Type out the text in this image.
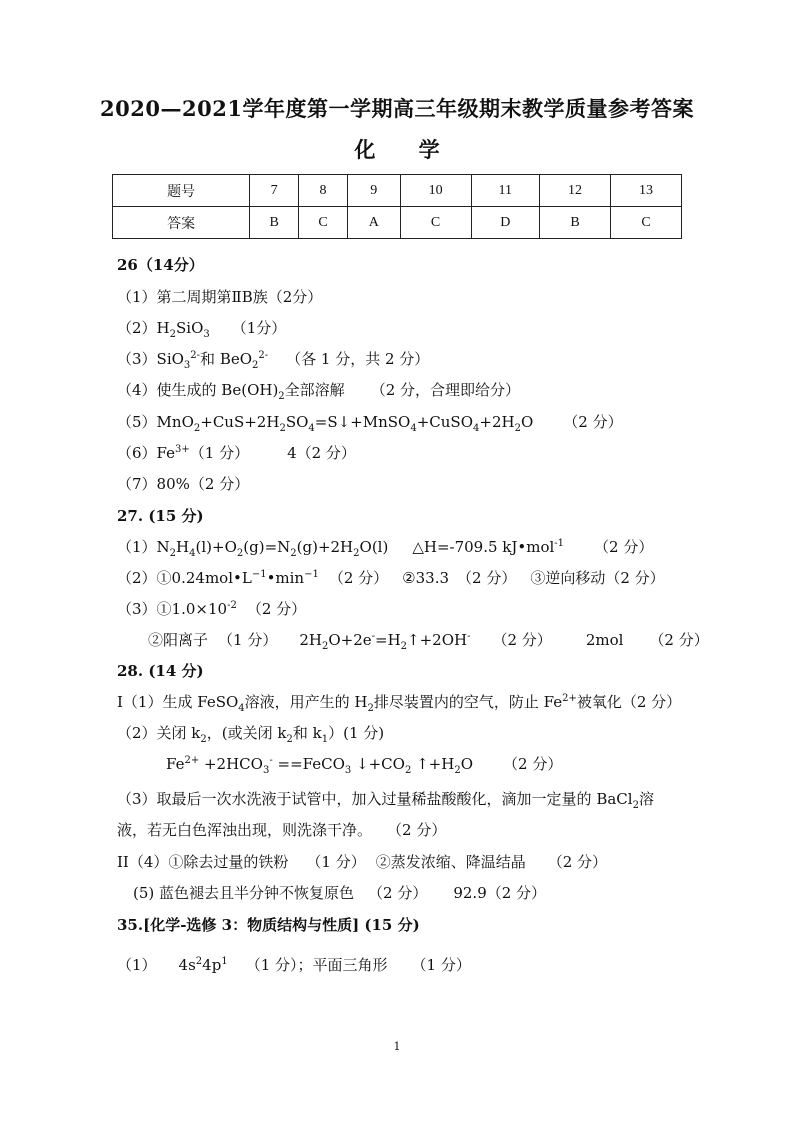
2020—2021学年度第一学期高三年级期末教学质量参考答案
化 学
题号	7	8	9	10	11	12	13
答案	B	C	A	C	D	B	C
26（14分）
（1）第二周期第ⅡB族（2分）
$(2)H_2SiO_3$ （1分）
（3）SiO$_3^{2-}$和 BeO$_2^{2-}$ （各 1 分，共 2 分）
（4）使生成的 $Be(OH)_2$全部溶解 （2 分，合理即给分）
$(5)MnO_2+CuS+2H_2SO_4=S↓+MnSO_4+CuSO_4+2H_2O$ （2 分）
$(6)Fe^{3+}(1$ 分）	4（2 分）
（7）80%（2 分）
27. (15 分)
$(1)N_2H_4(l)+O_2(g)=N_2(g)+2H_2O(l)$ △H=-709.5 kJ•mol$^{-1}$ （2 分）
$(2)①0.24mol•L^{-1}•\min^{-1}$ （2 分） ②33.3 （2 分） ③逆向移动（2 分）
$(3)①1.0\times 10^{-2}$ （2 分）
②阳离子 （1 分） $2H_2O+2e^-=H_2↑+2OH^-$ （2 分） 2mol （2 分）
28. (14 分)
I（1）生成 FeSO$_4$溶液，用产生的 $H_2$排尽装置内的空气，防止 $Fe^{2+}$被氧化（2 分）
（2）关闭 $k_2$，(或关闭 $k_2$和 $k_1)(1$ 分)
$Fe^{2+} +2HCO_3^-$ ==FeCO$_3$ $↓+CO_2$ $↑+H_2O$ （2 分）
（3）取最后一次水洗液于试管中，加入过量稀盐酸酸化，滴加一定量的 BaCl$_2$溶
液，若无白色浑浊出现，则洗涤干净。　　（2 分）
II（4）①除去过量的铁粉 （1 分） ②蒸发浓缩、降温结晶 （2 分）
(5) 蓝色褪去且半分钟不恢复原色 （2 分） 92.9（2 分）
35.[化学-选修 3：物质结构与性质] (15 分)
（1） $4s^24p^1$ （1 分）；平面三角形 （1 分）
1
